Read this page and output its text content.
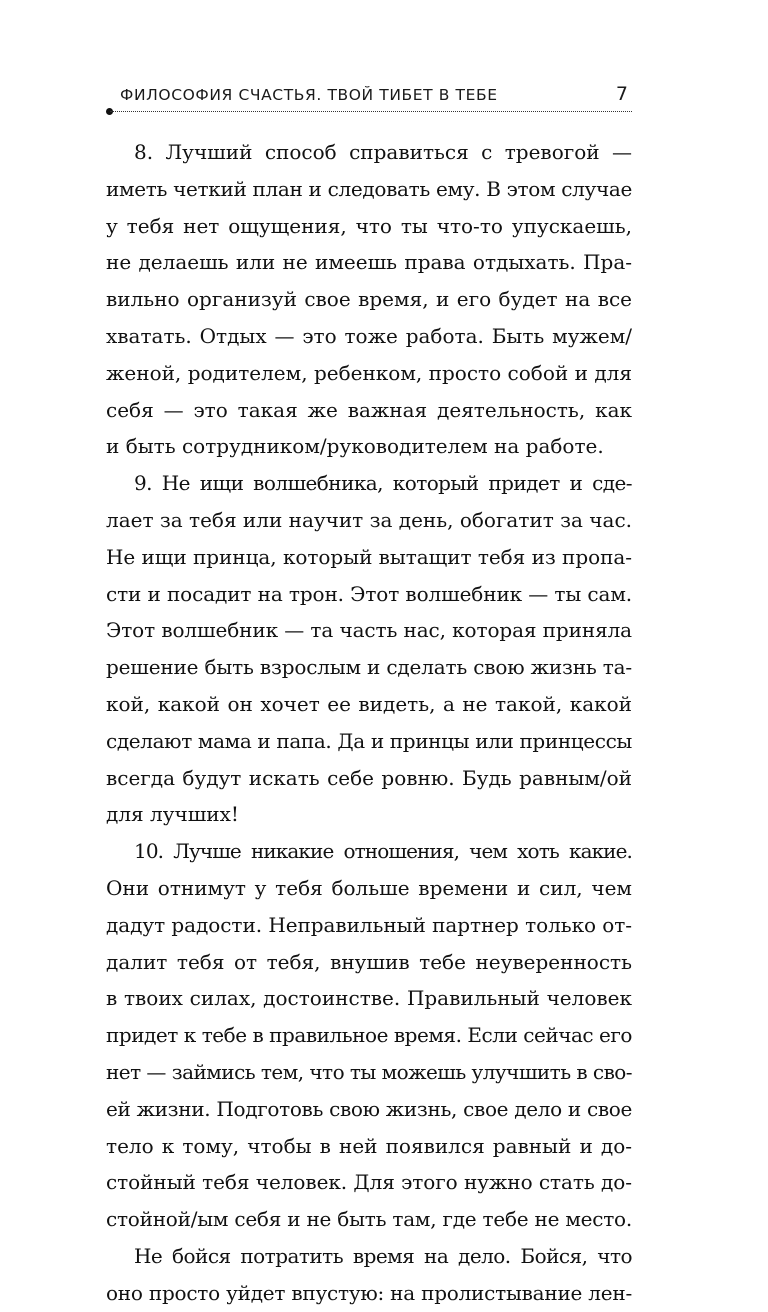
ФИЛОСОФИЯ СЧАСТЬЯ. ТВОЙ ТИБЕТ В ТЕБЕ	7
8. Лучший способ справиться с тревогой —
иметь четкий план и следовать ему. В этом случае
у тебя нет ощущения, что ты что-то упускаешь,
не делаешь или не имеешь права отдыхать. Пра-
вильно организуй свое время, и его будет на все
хватать. Отдых — это тоже работа. Быть мужем/
женой, родителем, ребенком, просто собой и для
себя — это такая же важная деятельность, как
и быть сотрудником/руководителем на работе.
9. Не ищи волшебника, который придет и сде-
лает за тебя или научит за день, обогатит за час.
Не ищи принца, который вытащит тебя из пропа-
сти и посадит на трон. Этот волшебник — ты сам.
Этот волшебник — та часть нас, которая приняла
решение быть взрослым и сделать свою жизнь та-
кой, какой он хочет ее видеть, а не такой, какой
сделают мама и папа. Да и принцы или принцессы
всегда будут искать себе ровню. Будь равным/ой
для лучших!
10. Лучше никакие отношения, чем хоть какие.
Они отнимут у тебя больше времени и сил, чем
дадут радости. Неправильный партнер только от-
далит тебя от тебя, внушив тебе неуверенность
в твоих силах, достоинстве. Правильный человек
придет к тебе в правильное время. Если сейчас его
нет — займись тем, что ты можешь улучшить в сво-
ей жизни. Подготовь свою жизнь, свое дело и свое
тело к тому, чтобы в ней появился равный и до-
стойный тебя человек. Для этого нужно стать до-
стойной/ым себя и не быть там, где тебе не место.
Не бойся потратить время на дело. Бойся, что
оно просто уйдет впустую: на пролистывание лен-
